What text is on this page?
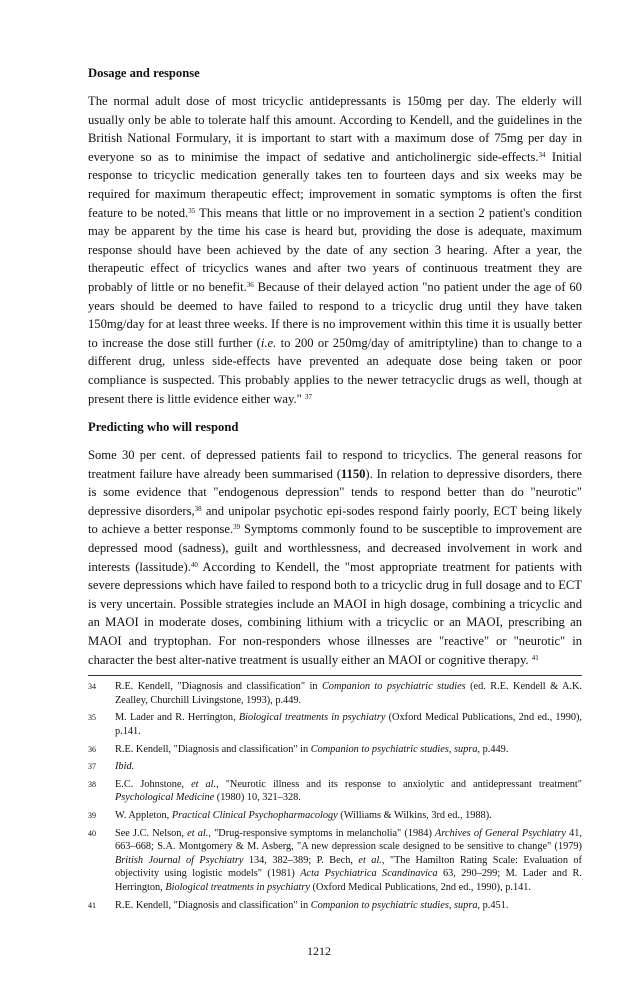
Dosage and response

The normal adult dose of most tricyclic antidepressants is 150mg per day. The elderly will usually only be able to tolerate half this amount. According to Kendell, and the guidelines in the British National Formulary, it is important to start with a maximum dose of 75mg per day in everyone so as to minimise the impact of sedative and anticholinergic side-effects.$^{34}$ Initial response to tricyclic medication generally takes ten to fourteen days and six weeks may be required for maximum therapeutic effect; improvement in somatic symptoms is often the first feature to be noted.$^{35}$ This means that little or no improvement in a section 2 patient's condition may be apparent by the time his case is heard but, providing the dose is adequate, maximum response should have been achieved by the date of any section 3 hearing. After a year, the therapeutic effect of tricyclics wanes and after two years of continuous treatment they are probably of little or no benefit.$^{36}$ Because of their delayed action "no patient under the age of 60 years should be deemed to have failed to respond to a tricyclic drug until they have taken 150mg/day for at least three weeks. If there is no improvement within this time it is usually better to increase the dose still further (i.e. to 200 or 250mg/day of amitriptyline) than to change to a different drug, unless side-effects have prevented an adequate dose being taken or poor compliance is suspected. This probably applies to the newer tetracyclic drugs as well, though at present there is little evidence either way." $^{37}$

Predicting who will respond

Some 30 per cent. of depressed patients fail to respond to tricyclics. The general reasons for treatment failure have already been summarised (1150). In relation to depressive disorders, there is some evidence that "endogenous depression" tends to respond better than do "neurotic" depressive disorders,$^{38}$ and unipolar psychotic epi-sodes respond fairly poorly, ECT being likely to achieve a better response.$^{39}$ Symptoms commonly found to be susceptible to improvement are depressed mood (sadness), guilt and worthlessness, and decreased involvement in work and interests (lassitude).$^{40}$ According to Kendell, the "most appropriate treatment for patients with severe depressions which have failed to respond both to a tricyclic drug in full dosage and to ECT is very uncertain. Possible strategies include an MAOI in high dosage, combining a tricyclic and an MAOI in moderate doses, combining lithium with a tricyclic or an MAOI, prescribing an MAOI and tryptophan. For non-responders whose illnesses are "reactive" or "neurotic" in character the best alter-native treatment is usually either an MAOI or cognitive therapy. $^{41}$

34	R.E. Kendell, "Diagnosis and classification" in Companion to psychiatric studies (ed. R.E. Kendell & A.K. Zealley, Churchill Livingstone, 1993), p.449.
35	M. Lader and R. Herrington, Biological treatments in psychiatry (Oxford Medical Publications, 2nd ed., 1990), p.141.
36	R.E. Kendell, "Diagnosis and classification" in Companion to psychiatric studies, supra, p.449.
37	Ibid.
38	E.C. Johnstone, et al., "Neurotic illness and its response to anxiolytic and antidepressant treatment" Psychological Medicine (1980) 10, 321–328.
39	W. Appleton, Practical Clinical Psychopharmacology (Williams & Wilkins, 3rd ed., 1988).
40	See J.C. Nelson, et al., "Drug-responsive symptoms in melancholia" (1984) Archives of General Psychiatry 41, 663–668; S.A. Montgomery & M. Asberg, "A new depression scale designed to be sensitive to change" (1979) British Journal of Psychiatry 134, 382–389; P. Bech, et al., "The Hamilton Rating Scale: Evaluation of objectivity using logistic models" (1981) Acta Psychiatrica Scandinavica 63, 290–299; M. Lader and R. Herrington, Biological treatments in psychiatry (Oxford Medical Publications, 2nd ed., 1990), p.141.
41	R.E. Kendell, "Diagnosis and classification" in Companion to psychiatric studies, supra, p.451.
1212
